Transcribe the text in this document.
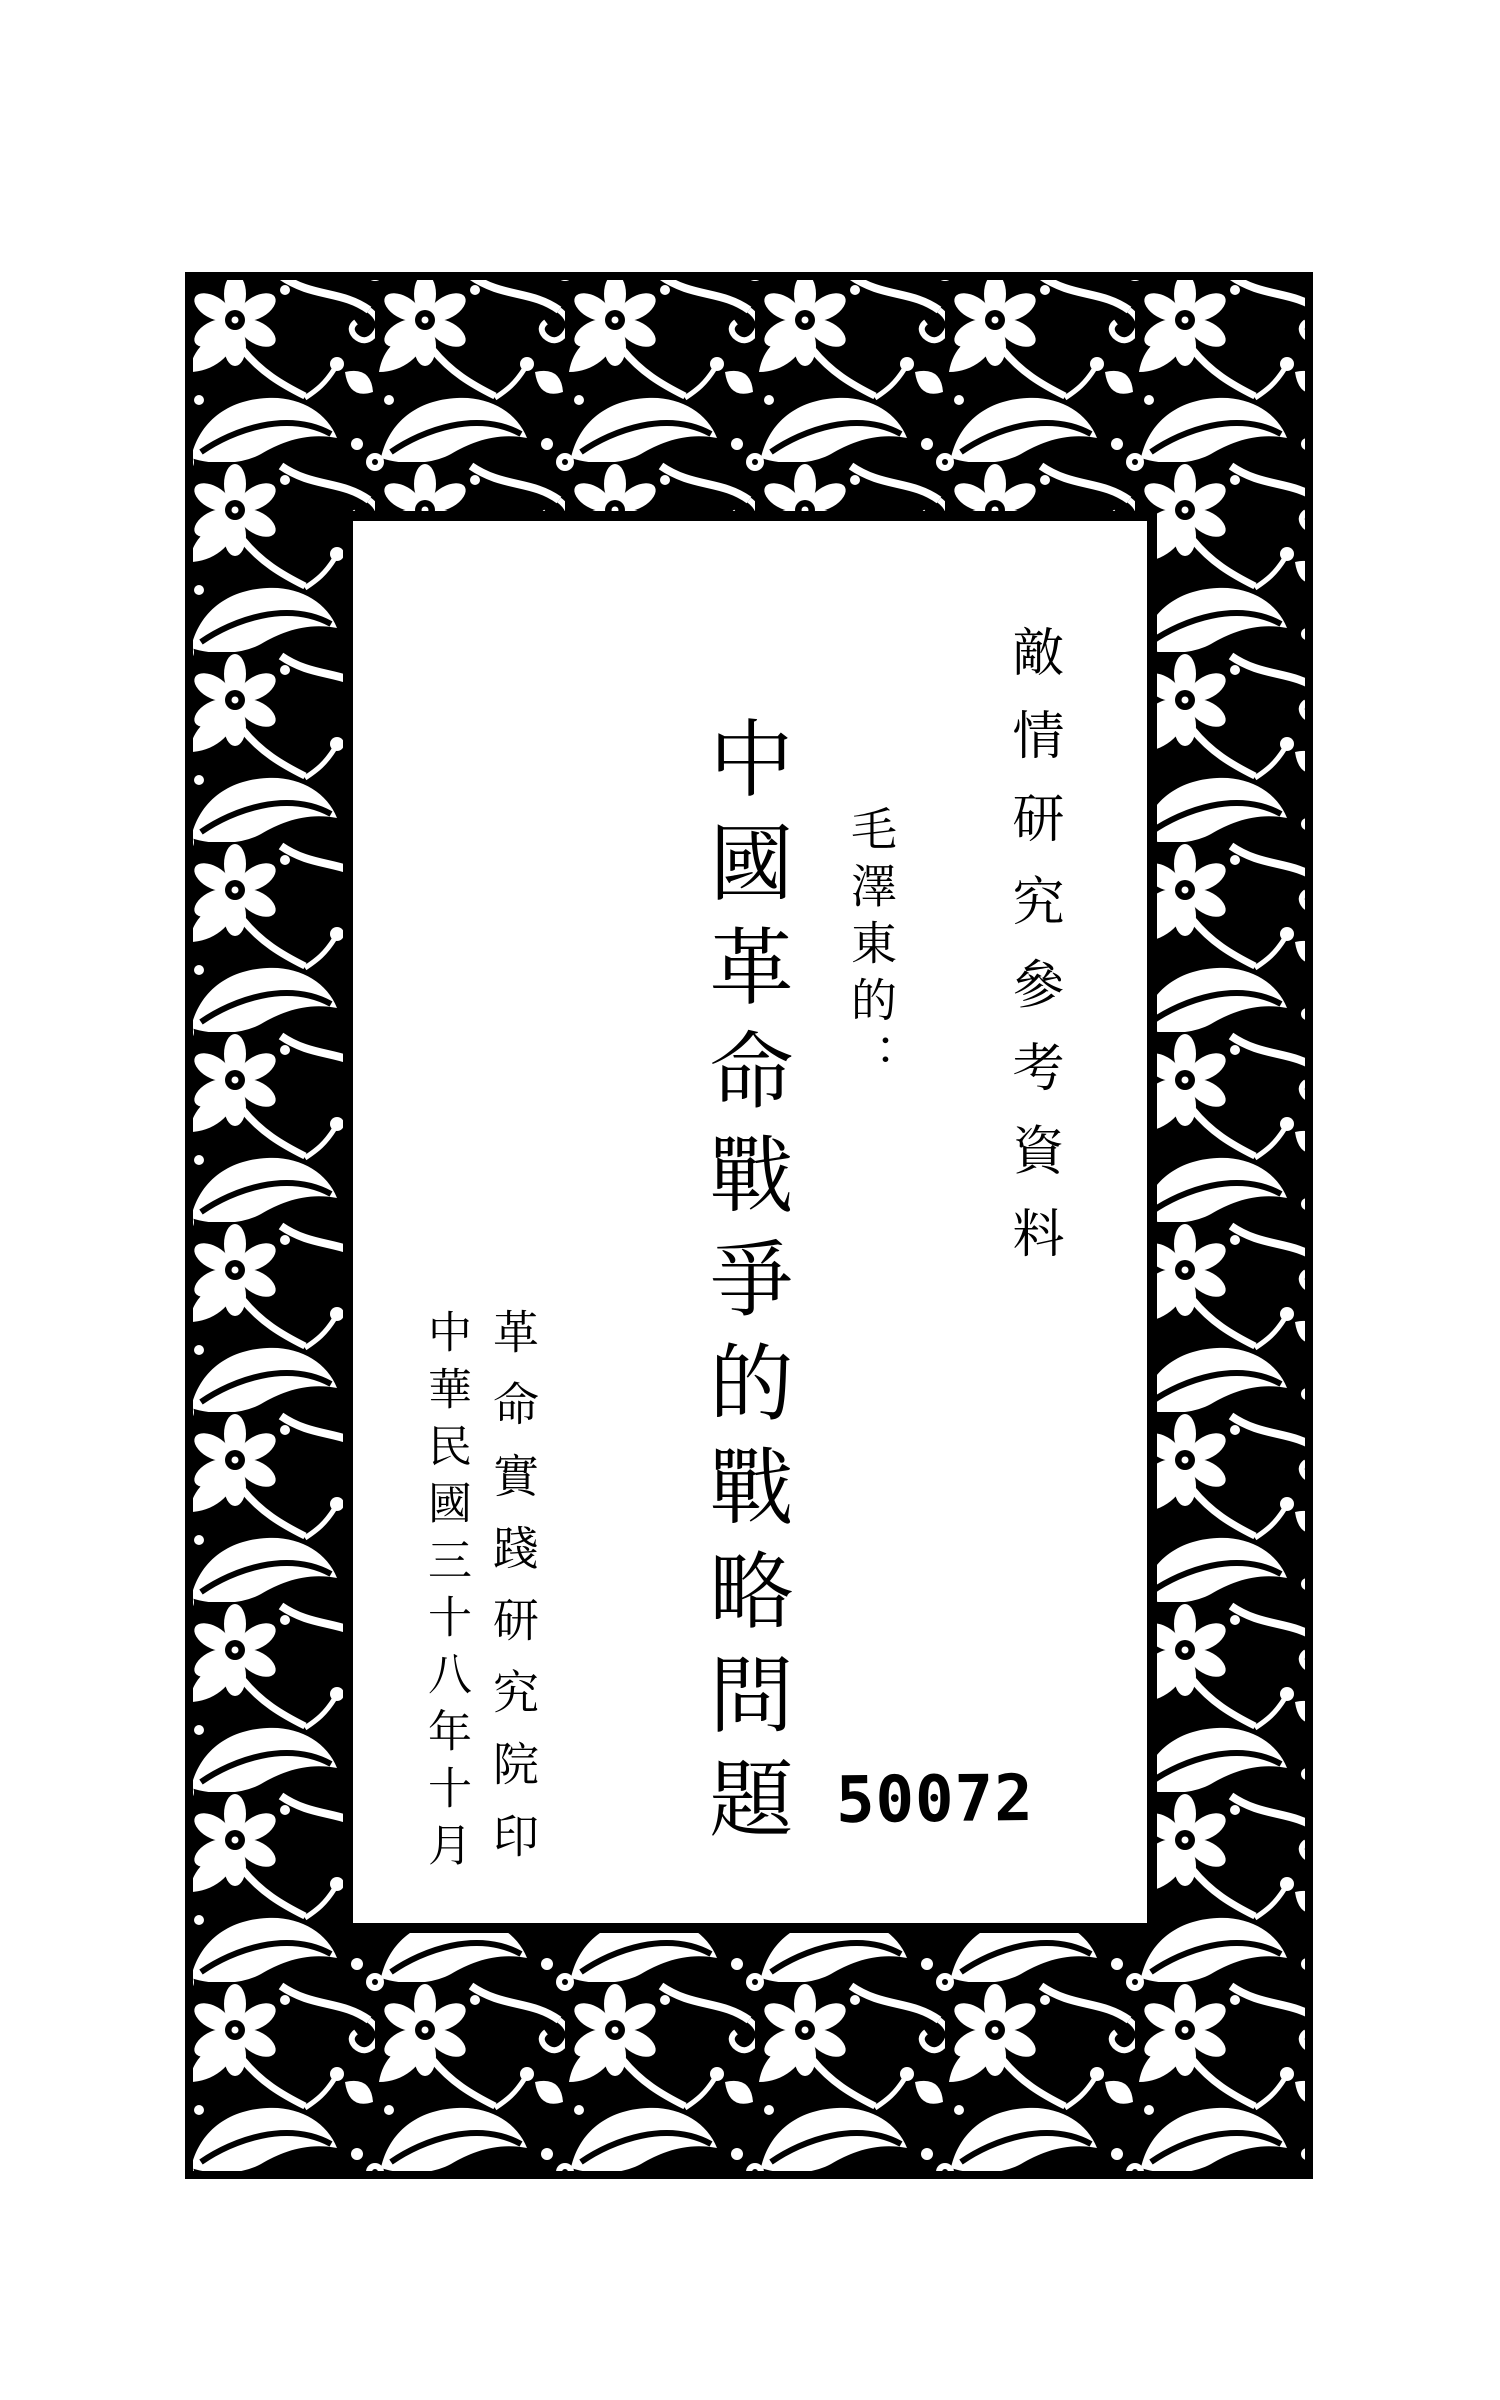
敵情研究參考資料
毛澤東的：
中國革命戰爭的戰略問題
革命實踐研究院印
中華民國三十八年十月	50072
